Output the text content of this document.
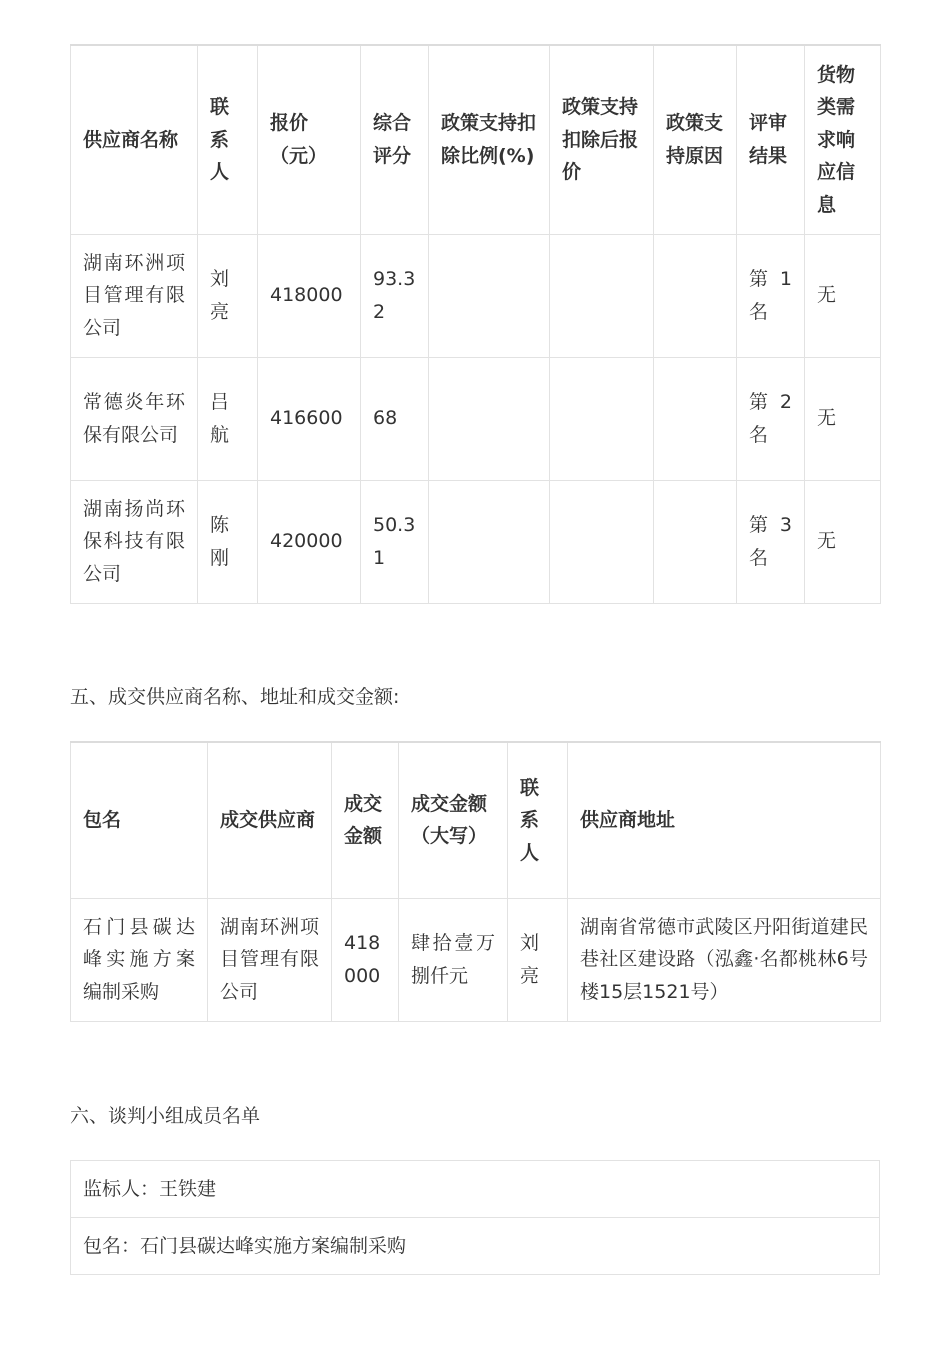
供应商名称	联系人	报价（元）	综合评分	政策支持扣除比例(%)	政策支持扣除后报价	政策支持原因	评审结果	货物类需求响应信息
湖南环洲项目管理有限公司	刘亮	418000	93.32				第 1 名	无
常德炎年环保有限公司	吕航	416600	68				第 2 名	无
湖南扬尚环保科技有限公司	陈刚	420000	50.31				第 3 名	无

五、成交供应商名称、地址和成交金额:

包名	成交供应商	成交金额	成交金额（大写）	联系人	供应商地址
石门县碳达峰实施方案编制采购	湖南环洲项目管理有限公司	418000	肆拾壹万捌仟元	刘亮	湖南省常德市武陵区丹阳街道建民巷社区建设路（泓鑫·名都桃林6号楼15层1521号）

六、谈判小组成员名单

监标人：王铁建
包名：石门县碳达峰实施方案编制采购
